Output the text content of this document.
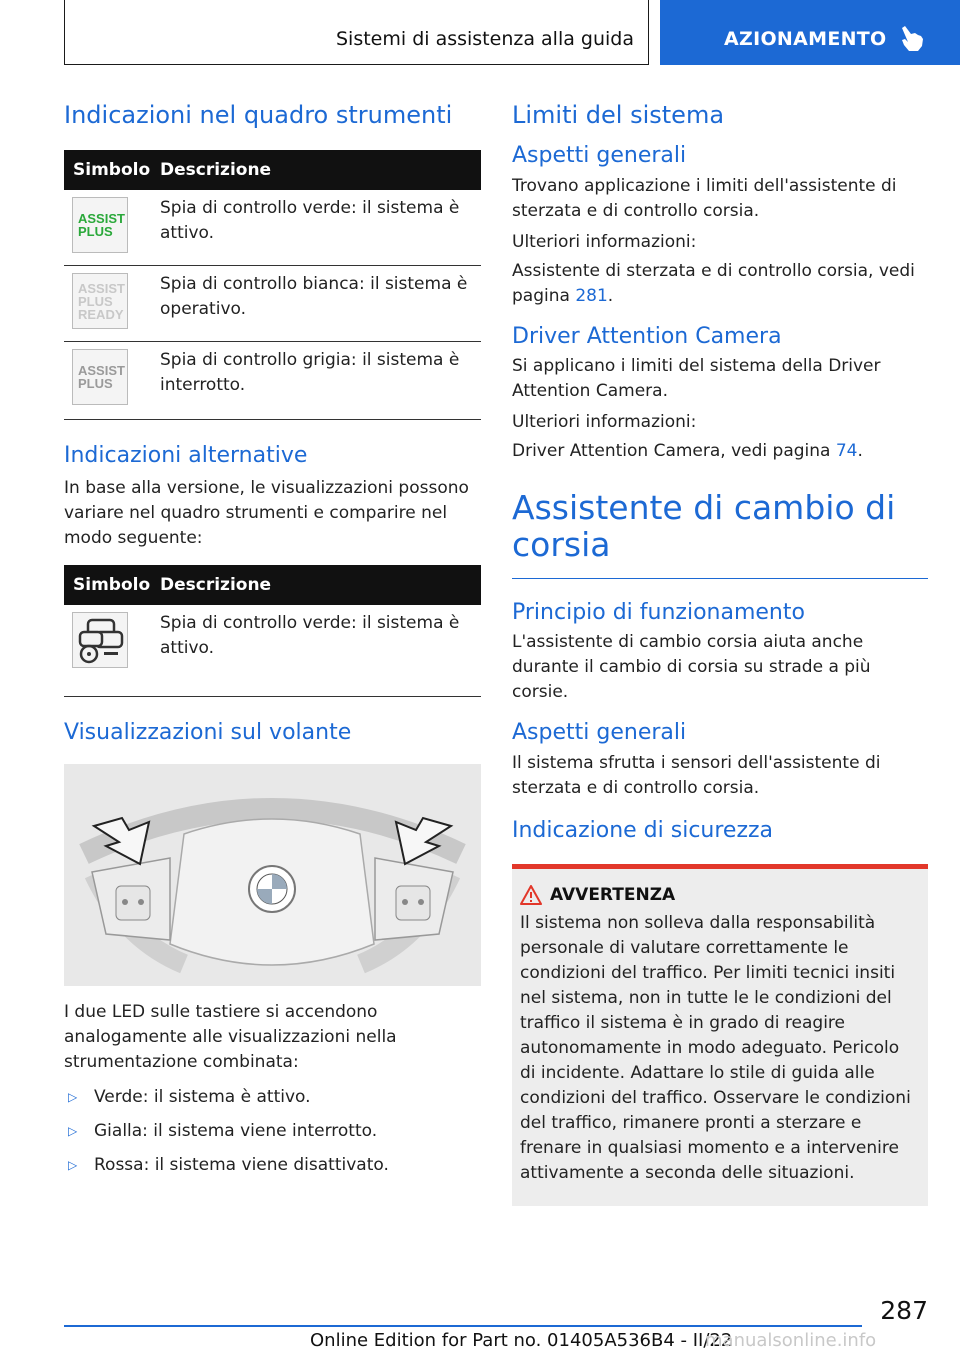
Sistemi di assistenza alla guida	AZIONAMENTO
Indicazioni nel quadro strumenti
Simbolo Descrizione
ASSIST
PLUS
Spia di controllo verde: il sistema è attivo.
ASSIST
PLUS
READY
Spia di controllo bianca: il sistema è operativo.
ASSIST
PLUS
Spia di controllo grigia: il sistema è interrotto.
Indicazioni alternative

In base alla versione, le visualizzazioni possono variare nel quadro strumenti e comparire nel modo seguente:

Simbolo Descrizione
Spia di controllo verde: il sistema è attivo.
Visualizzazioni sul volante

I due LED sulle tastiere si accendono analogamente alle visualizzazioni nella strumentazione combinata:

▷ Verde: il sistema è attivo.
▷ Gialla: il sistema viene interrotto.
▷ Rossa: il sistema viene disattivato.
Limiti del sistema
Aspetti generali

Trovano applicazione i limiti dell'assistente di sterzata e di controllo corsia.

Ulteriori informazioni:

Assistente di sterzata e di controllo corsia, vedi pagina 281.

Driver Attention Camera

Si applicano i limiti del sistema della Driver Attention Camera.

Ulteriori informazioni:

Driver Attention Camera, vedi pagina 74.

Assistente di cambio di corsia
Principio di funzionamento

L'assistente di cambio corsia aiuta anche durante il cambio di corsia su strade a più corsie.

Aspetti generali

Il sistema sfrutta i sensori dell'assistente di sterzata e di controllo corsia.

Indicazione di sicurezza
AVVERTENZA

Il sistema non solleva dalla responsabilità personale di valutare correttamente le condizioni del traffico. Per limiti tecnici insiti nel sistema, non in tutte le le condizioni del traffico il sistema è in grado di reagire autonomamente in modo adeguato. Pericolo di incidente. Adattare lo stile di guida alle condizioni del traffico. Osservare le condizioni del traffico, rimanere pronti a sterzare e frenare in qualsiasi momento e a intervenire attivamente a seconda delle situazioni.

287
Online Edition for Part no. 01405A536B4 - II/22
manualsonline.info
